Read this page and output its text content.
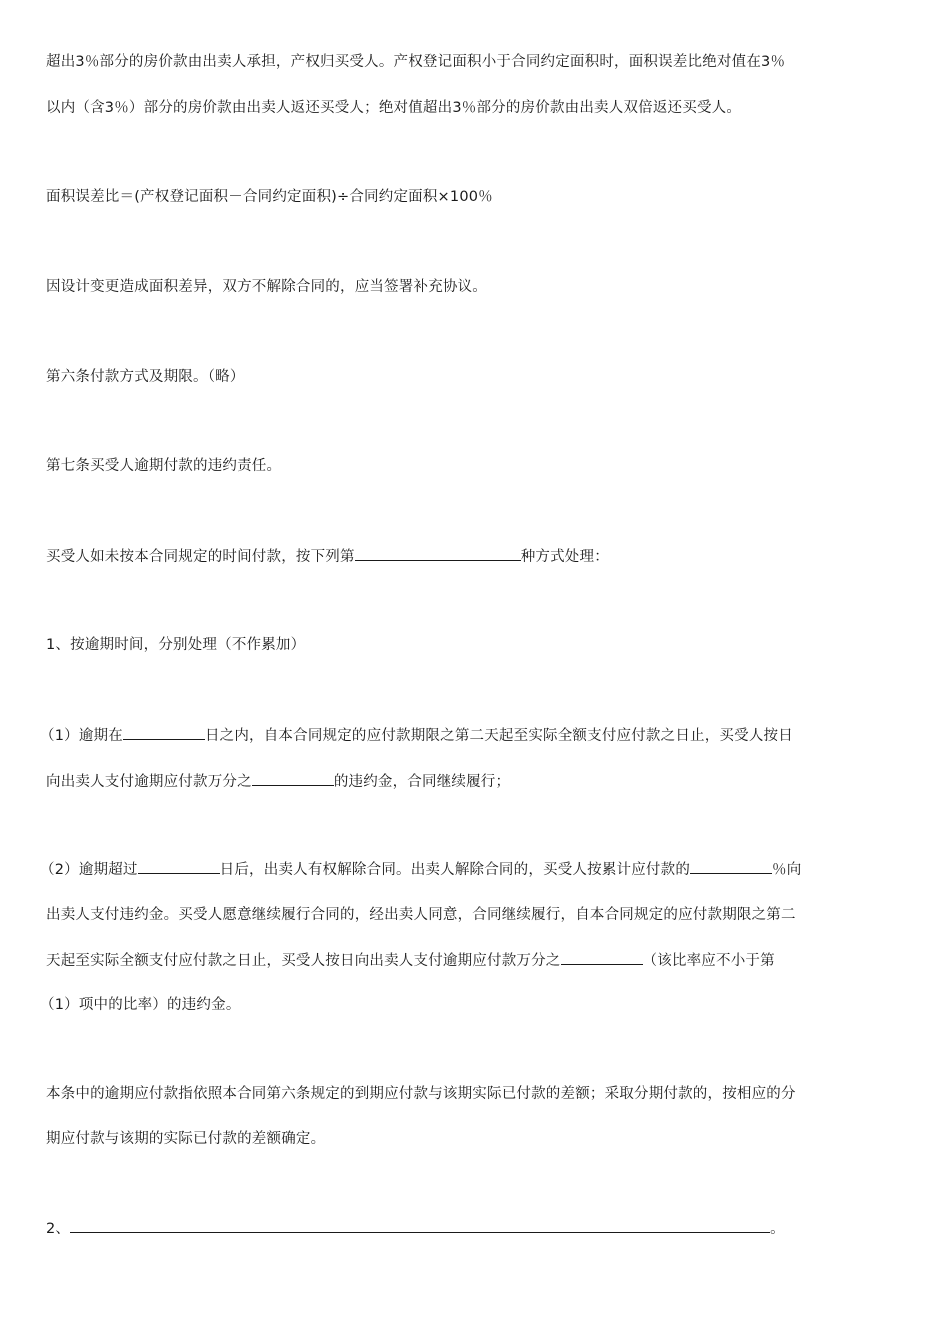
超出3％部分的房价款由出卖人承担，产权归买受人。产权登记面积小于合同约定面积时，面积误差比绝对值在3％
以内（含3％）部分的房价款由出卖人返还买受人；绝对值超出3％部分的房价款由出卖人双倍返还买受人。
面积误差比＝(产权登记面积－合同约定面积)÷合同约定面积×100％
因设计变更造成面积差异，双方不解除合同的，应当签署补充协议。
第六条付款方式及期限。（略）
第七条买受人逾期付款的违约责任。
买受人如未按本合同规定的时间付款，按下列第	种方式处理：
1、按逾期时间，分别处理（不作累加）
（1）逾期在	日之内，自本合同规定的应付款期限之第二天起至实际全额支付应付款之日止，买受人按日
向出卖人支付逾期应付款万分之	的违约金，合同继续履行；
（2）逾期超过	日后，出卖人有权解除合同。出卖人解除合同的，买受人按累计应付款的	％向
出卖人支付违约金。买受人愿意继续履行合同的，经出卖人同意，合同继续履行，自本合同规定的应付款期限之第二
天起至实际全额支付应付款之日止，买受人按日向出卖人支付逾期应付款万分之	（该比率应不小于第
（1）项中的比率）的违约金。
本条中的逾期应付款指依照本合同第六条规定的到期应付款与该期实际已付款的差额；采取分期付款的，按相应的分
期应付款与该期的实际已付款的差额确定。
2、	。
